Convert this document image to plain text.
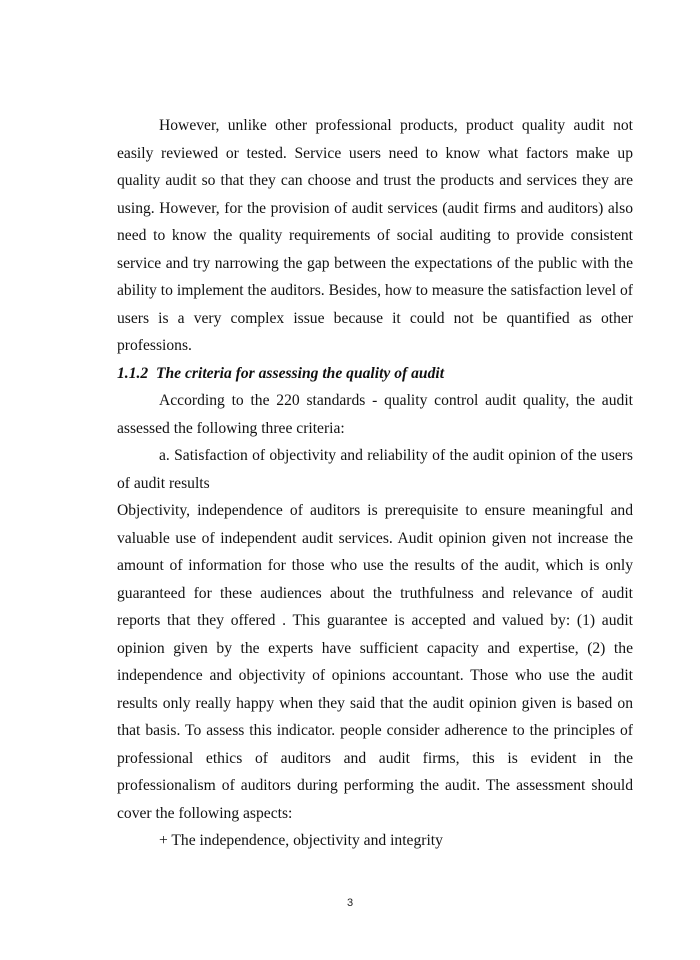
However, unlike other professional products, product quality audit not easily reviewed or tested. Service users need to know what factors make up quality audit so that they can choose and trust the products and services they are using. However, for the provision of audit services (audit firms and auditors) also need to know the quality requirements of social auditing to provide consistent service and try narrowing the gap between the expectations of the public with the ability to implement the auditors. Besides, how to measure the satisfaction level of users is a very complex issue because it could not be quantified as other professions.

1.1.2  The criteria for assessing the quality of audit

According to the 220 standards - quality control audit quality, the audit assessed the following three criteria:

a. Satisfaction of objectivity and reliability of the audit opinion of the users of audit results

Objectivity, independence of auditors is prerequisite to ensure meaningful and valuable use of independent audit services. Audit opinion given not increase the amount of information for those who use the results of the audit, which is only guaranteed for these audiences about the truthfulness and relevance of audit reports that they offered . This guarantee is accepted and valued by: (1) audit opinion given by the experts have sufficient capacity and expertise, (2) the independence and objectivity of opinions accountant. Those who use the audit results only really happy when they said that the audit opinion given is based on that basis. To assess this indicator. people consider adherence to the principles of professional ethics of auditors and audit firms, this is evident in the professionalism of auditors during performing the audit. The assessment should cover the following aspects:

+ The independence, objectivity and integrity

3
